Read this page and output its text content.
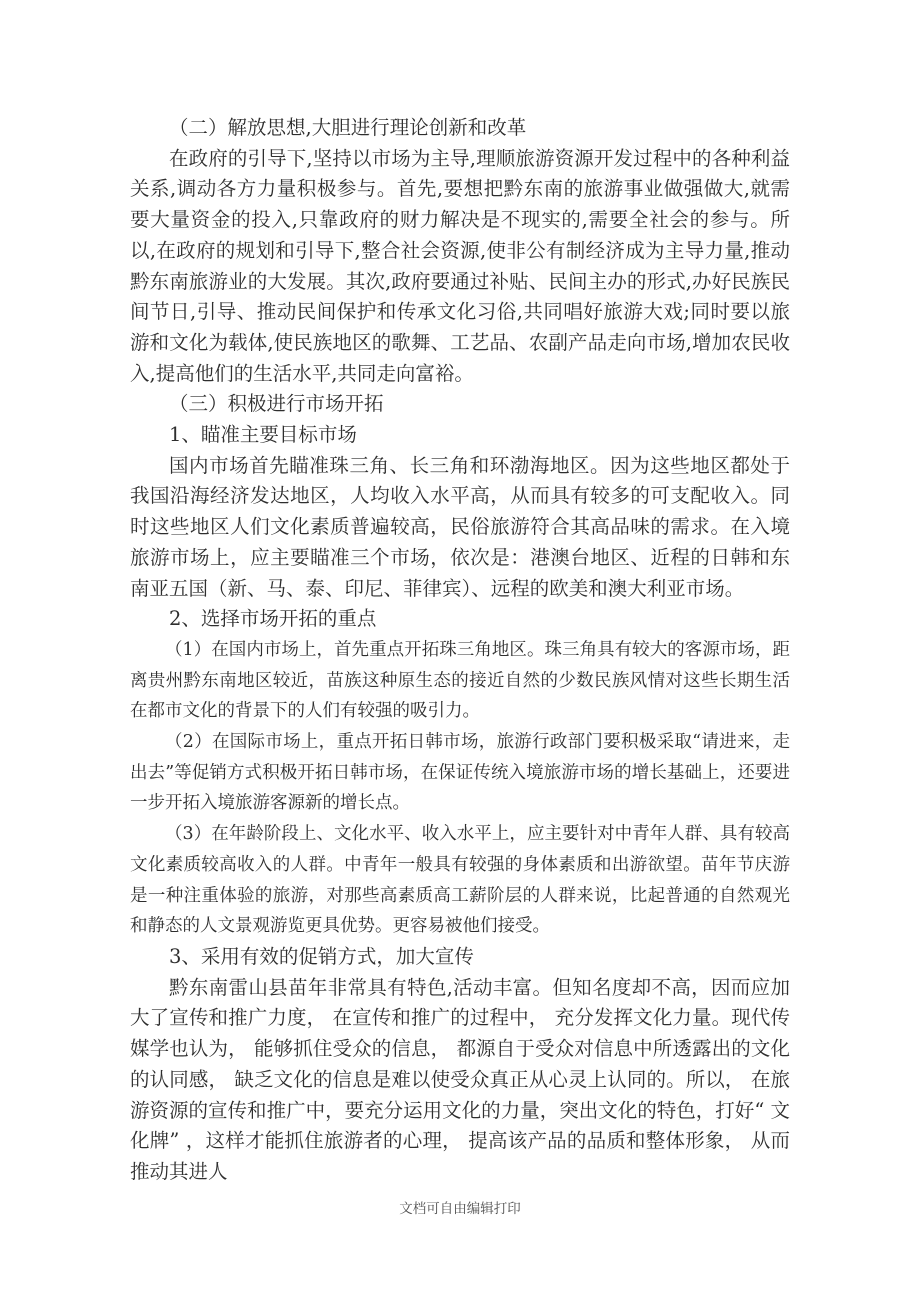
（二）解放思想,大胆进行理论创新和改革

在政府的引导下,坚持以市场为主导,理顺旅游资源开发过程中的各种利益关系,调动各方力量积极参与。首先,要想把黔东南的旅游事业做强做大,就需要大量资金的投入,只靠政府的财力解决是不现实的,需要全社会的参与。所以,在政府的规划和引导下,整合社会资源,使非公有制经济成为主导力量,推动黔东南旅游业的大发展。其次,政府要通过补贴、民间主办的形式,办好民族民间节日,引导、推动民间保护和传承文化习俗,共同唱好旅游大戏;同时要以旅游和文化为载体,使民族地区的歌舞、工艺品、农副产品走向市场,增加农民收入,提高他们的生活水平,共同走向富裕。

（三）积极进行市场开拓

1、瞄准主要目标市场

国内市场首先瞄准珠三角、长三角和环渤海地区。因为这些地区都处于我国沿海经济发达地区，人均收入水平高，从而具有较多的可支配收入。同时这些地区人们文化素质普遍较高，民俗旅游符合其高品味的需求。在入境旅游市场上，应主要瞄准三个市场，依次是：港澳台地区、近程的日韩和东南亚五国（新、马、泰、印尼、菲律宾）、远程的欧美和澳大利亚市场。

2、选择市场开拓的重点

（1）在国内市场上，首先重点开拓珠三角地区。珠三角具有较大的客源市场，距离贵州黔东南地区较近，苗族这种原生态的接近自然的少数民族风情对这些长期生活在都市文化的背景下的人们有较强的吸引力。

（2）在国际市场上，重点开拓日韩市场，旅游行政部门要积极采取“请进来，走出去”等促销方式积极开拓日韩市场，在保证传统入境旅游市场的增长基础上，还要进一步开拓入境旅游客源新的增长点。

（3）在年龄阶段上、文化水平、收入水平上，应主要针对中青年人群、具有较高文化素质较高收入的人群。中青年一般具有较强的身体素质和出游欲望。苗年节庆游是一种注重体验的旅游，对那些高素质高工薪阶层的人群来说，比起普通的自然观光和静态的人文景观游览更具优势。更容易被他们接受。

3、采用有效的促销方式，加大宣传

黔东南雷山县苗年非常具有特色,活动丰富。但知名度却不高，因而应加大了宣传和推广力度， 在宣传和推广的过程中， 充分发挥文化力量。现代传媒学也认为， 能够抓住受众的信息， 都源自于受众对信息中所透露出的文化的认同感， 缺乏文化的信息是难以使受众真正从心灵上认同的。所以， 在旅游资源的宣传和推广中，要充分运用文化的力量，突出文化的特色，打好“ 文化牌” ，这样才能抓住旅游者的心理， 提高该产品的品质和整体形象， 从而推动其进人

文档可自由编辑打印
